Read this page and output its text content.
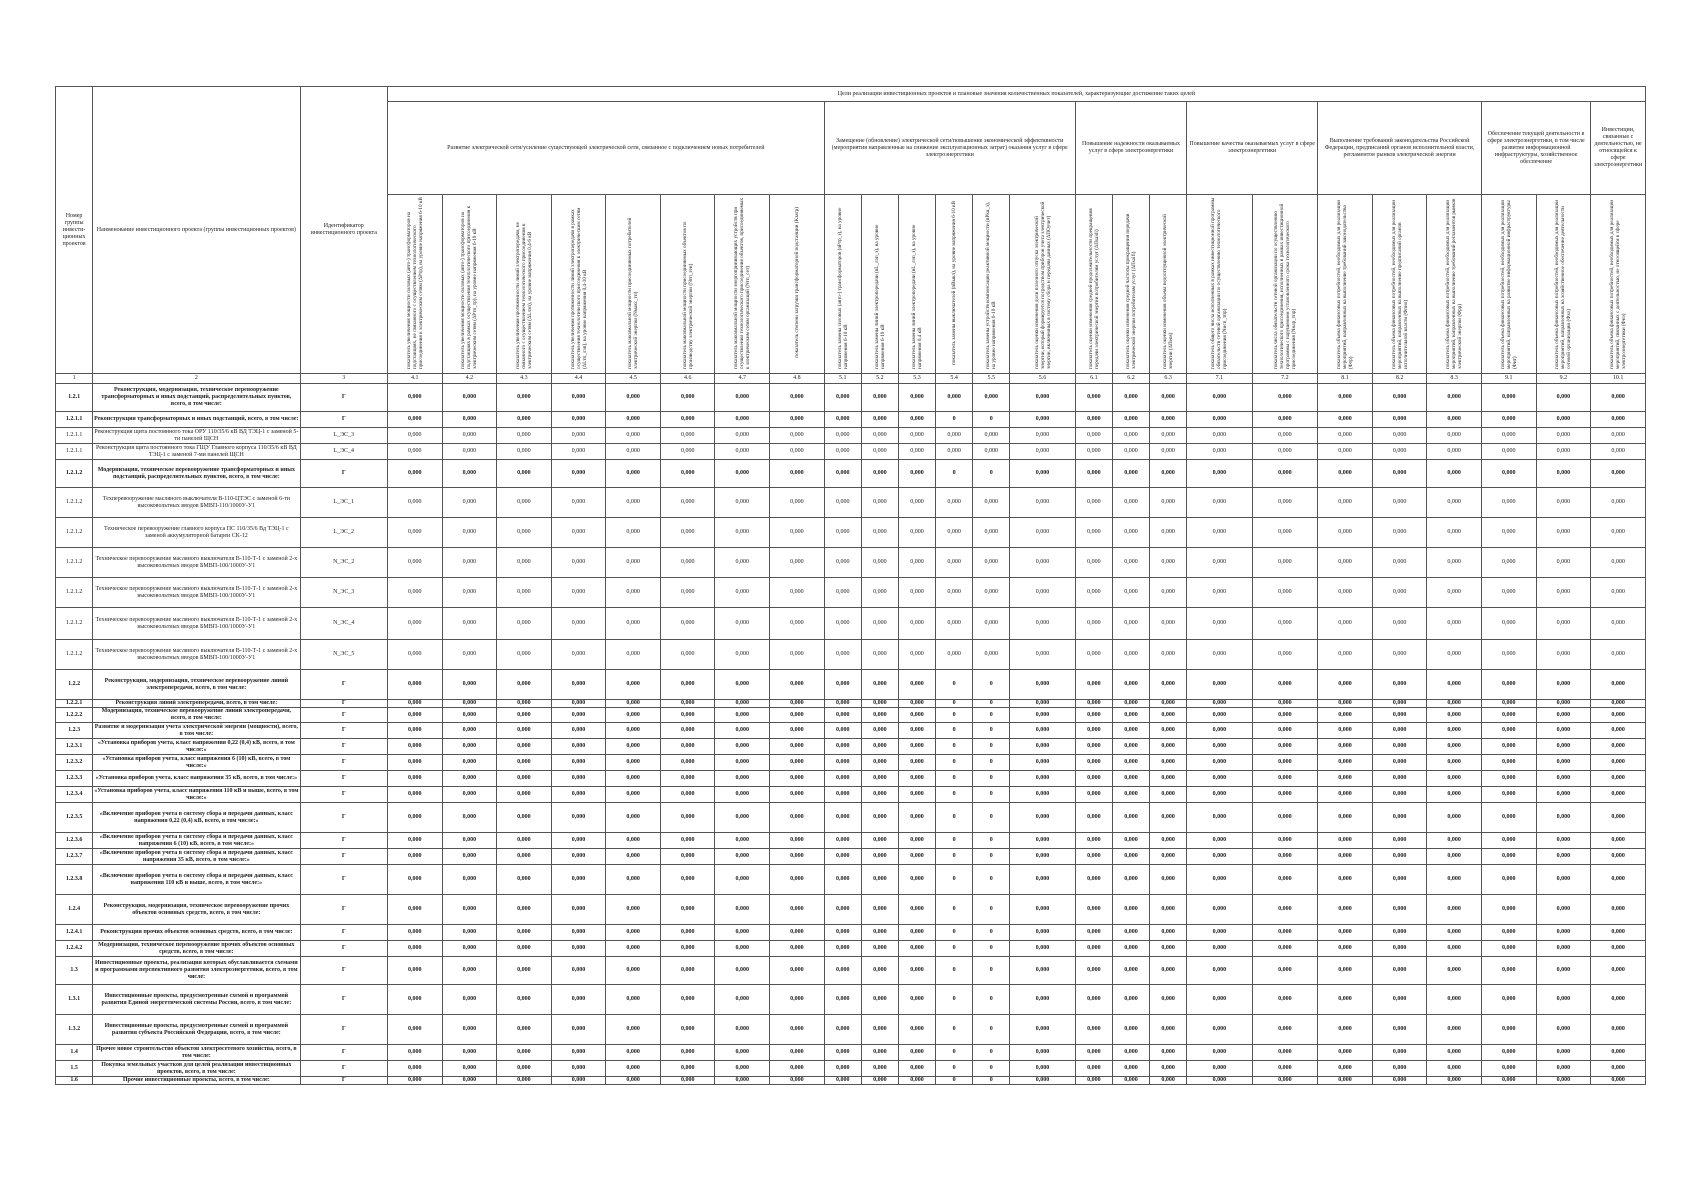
Номер группы инвести-ционных проектов	Наименование инвестиционного проекта (группы инвестиционных проектов)	Идентификатор инвестиционного проекта	Цели реализации инвестиционных проектов и плановые значения количественных показателей, характеризующие достижение таких целей																								
			Развитие электрической сети/усиление существующей электрической сети, связанное с подключением новых потребителей								Замещение (обновление) электрической сети/повышение экономической эффективности (мероприятия направленные на снижение эксплуатационных затрат) оказания услуг в сфере электроэнергетики						Повышение надежности оказываемых услуг в сфере электроэнергетики			Повышение качества оказываемых услуг в сфере электроэнергетики		Выполнение требований законодательства Российской Федерации, предписаний органов исполнительной власти, регламентов рынков электрической энергии			Обеспечение текущей деятельности в сфере электроэнергетики, в том числе развитие информационной инфраструктуры, хозяйственное обеспечение		Инвестиции, связанные с деятельностью, не относящейся к сфере электроэнергетики
			показатель увеличения мощности силовых (авто-) трансформаторов на подстанциях, не связанного с осуществлением технологического присоединения к электрическим сетям (ΔPтр), на уровне напряжения 6-10 кВ	показатель увеличения мощности силовых (авто-) трансформаторов на подстанциях в рамках осуществления технологического присоединения к электрическим сетям (ΔPтп_тр), на уровне напряжения 6-10 кВ	показатель увеличения протяженности линий электропередачи, не связанного с осуществлением технологического присоединения к электрическим сетям (ΔLлэп), на уровне напряжения 0,4-6 кВ	показатель увеличения протяженности линий электропередачи в рамках осуществления технологического присоединения к электрическим сетям (ΔLтп_лэп), на уровне напряжения 0,4-10 кВ	показатель максимальной мощности присоединяемых потребителей электрической энергии (Nмакс_тп)	показатель максимальной мощности присоединяемых объектов по производству электрической энергии (Nтп_ген)	показатель максимальной мощности энергопринимающих устройств при осуществлении технологического присоединения объектов, присоединяемых к электрическим сетям организаций (Nтп_сет)	показатель степени загрузки трансформаторной подстанции (Kзагр)	показатель замены силовых (авто-) трансформаторов (nPтр_з), на уровне напряжения 6-10 кВ	показатель замены линий электропередачи (nL_лэп_з), на уровне напряжения 6-10 кВ	показатель замены линий электропередачи (nL_лэп_з), на уровне напряжения 0,4 кВ	показатель замены выключателей (nВыкл), на уровне напряжения 6-10 кВ	показатель замены устройств компенсации реактивной мощности (nPku_з), на уровне напряжения 6-10 кВ	показатель оценки изменения доли полезного отпуска электрической энергии, который формируется посредством приборов учета электрической энергии, включенных в систему сбора и передачи данных (ΔПОучет)	показатель оценки изменения средней продолжительности прекращения передачи электрической энергии потребителям услуг (ΔПsaidi)	показатель оценки изменения средней частоты прекращения передачи электрической энергии потребителям услуг (ΔПsaifi)	показатель оценки изменения объема недоотпущенной электрической энергии (ΔПens)	показатель общего числа исполненных в рамках инвестиционной программы обязательств сетевой организации по осуществлению технологического присоединения (Nисп_тпр)	показатель числа обязательств сетевой организации по осуществлению технологического присоединения, исполненных в рамках инвестиционной программы с нарушением установленного срока технологического присоединения (Nнар_тпр)	показатель объема финансовых потребностей, необходимых для реализации мероприятий, направленных на выполнение требований законодательства (Фтр)	показатель объема финансовых потребностей, необходимых для реализации мероприятий, направленных на выполнение предписаний органов исполнительной власти (Фпио)	показатель объема финансовых потребностей, необходимых для реализации мероприятий, направленных на выполнение требований регламентов рынков электрической энергии (Фрр)	показатель объема финансовых потребностей, необходимых для реализации мероприятий, направленных на развитие информационной инфраструктуры (Фит)	показатель объема финансовых потребностей, необходимых для реализации мероприятий, направленных на хозяйственное обеспечение деятельности сетевой организации (Фхо)	показатель объема финансовых потребностей, необходимых для реализации мероприятий, связанных с деятельностью, не относящейся к сфере электроэнергетики (Фнэ)
1	2	3	4.1	4.2	4.3	4.4	4.5	4.6	4.7	4.8	5.1	5.2	5.3	5.4	5.5	5.6	6.1	6.2	6.3	7.1	7.2	8.1	8.2	8.3	9.1	9.2	10.1
1.2.1	Реконструкция, модернизация, техническое перевооружение трансформаторных и иных подстанций, распределительных пунктов, всего, в том числе:	Г	0,000	0,000	0,000	0,000	0,000	0,000	0,000	0,000	0,000	0,000	0,000	0,000	0,000	0,000	0,000	0,000	0,000	0,000	0,000	0,000	0,000	0,000	0,000	0,000	0,000
1.2.1.1	Реконструкция трансформаторных и иных подстанций, всего, в том числе:	Г	0,000	0,000	0,000	0,000	0,000	0,000	0,000	0,000	0,000	0,000	0,000	0	0	0,000	0,000	0,000	0,000	0,000	0,000	0,000	0,000	0,000	0,000	0,000	0,000
1.2.1.1	Реконструкция щита постоянного тока ОРУ 110/35/6 кВ ВД ТЭЦ-1 с заменой 5-ти панелей ЩСН	L_ЭС_3	0,000	0,000	0,000	0,000	0,000	0,000	0,000	0,000	0,000	0,000	0,000	0,000	0,000	0,000	0,000	0,000	0,000	0,000	0,000	0,000	0,000	0,000	0,000	0,000	0,000
1.2.1.1	Реконструкция щита постоянного тока ГЩУ Главного корпуса 110/35/6 кВ ВД ТЭЦ-1 с заменой 7-ми панелей ЩСН	L_ЭС_4	0,000	0,000	0,000	0,000	0,000	0,000	0,000	0,000	0,000	0,000	0,000	0,000	0,000	0,000	0,000	0,000	0,000	0,000	0,000	0,000	0,000	0,000	0,000	0,000	0,000
1.2.1.2	Модернизация, техническое перевооружение трансформаторных и иных подстанций, распределительных пунктов, всего, в том числе:	Г	0,000	0,000	0,000	0,000	0,000	0,000	0,000	0,000	0,000	0,000	0,000	0	0	0,000	0,000	0,000	0,000	0,000	0,000	0,000	0,000	0,000	0,000	0,000	0,000
1.2.1.2	Техперевооружение масляного выключателя В-110-ЦТЭС с заменой 6-ти высоковольтных вводов БМВП-110/1000У-У1	L_ЭС_1	0,000	0,000	0,000	0,000	0,000	0,000	0,000	0,000	0,000	0,000	0,000	0,000	0,000	0,000	0,000	0,000	0,000	0,000	0,000	0,000	0,000	0,000	0,000	0,000	0,000
1.2.1.2	Техническое перевооружение главного корпуса ПС 110/35/6 Вд ТЭЦ-1 с заменой аккумуляторной батареи СК-12	L_ЭС_2	0,000	0,000	0,000	0,000	0,000	0,000	0,000	0,000	0,000	0,000	0,000	0,000	0,000	0,000	0,000	0,000	0,000	0,000	0,000	0,000	0,000	0,000	0,000	0,000	0,000
1.2.1.2	Техническое перевооружение масляного выключателя В-110-Т-1 с заменой 2-х высоковольтных вводов БМВП-100/1000У-У1	N_ЭС_2	0,000	0,000	0,000	0,000	0,000	0,000	0,000	0,000	0,000	0,000	0,000	0,000	0,000	0,000	0,000	0,000	0,000	0,000	0,000	0,000	0,000	0,000	0,000	0,000	0,000
1.2.1.2	Техническое перевооружение масляного выключателя В-110-Т-1 с заменой 2-х высоковольтных вводов БМВП-100/1000У-У1	N_ЭС_3	0,000	0,000	0,000	0,000	0,000	0,000	0,000	0,000	0,000	0,000	0,000	0,000	0,000	0,000	0,000	0,000	0,000	0,000	0,000	0,000	0,000	0,000	0,000	0,000	0,000
1.2.1.2	Техническое перевооружение масляного выключателя В-110-Т-1 с заменой 2-х высоковольтных вводов БМВП-100/1000У-У1	N_ЭС_4	0,000	0,000	0,000	0,000	0,000	0,000	0,000	0,000	0,000	0,000	0,000	0,000	0,000	0,000	0,000	0,000	0,000	0,000	0,000	0,000	0,000	0,000	0,000	0,000	0,000
1.2.1.2	Техническое перевооружение масляного выключателя В-110-Т-1 с заменой 2-х высоковольтных вводов БМВП-100/1000У-У1	N_ЭС_5	0,000	0,000	0,000	0,000	0,000	0,000	0,000	0,000	0,000	0,000	0,000	0,000	0,000	0,000	0,000	0,000	0,000	0,000	0,000	0,000	0,000	0,000	0,000	0,000	0,000
1.2.2	Реконструкция, модернизация, техническое перевооружение линий электропередачи, всего, в том числе:	Г	0,000	0,000	0,000	0,000	0,000	0,000	0,000	0,000	0,000	0,000	0,000	0	0	0,000	0,000	0,000	0,000	0,000	0,000	0,000	0,000	0,000	0,000	0,000	0,000
1.2.2.1	Реконструкция линий электропередачи, всего, в том числе:	Г	0,000	0,000	0,000	0,000	0,000	0,000	0,000	0,000	0,000	0,000	0,000	0	0	0,000	0,000	0,000	0,000	0,000	0,000	0,000	0,000	0,000	0,000	0,000	0,000
1.2.2.2	Модернизация, техническое перевооружение линий электропередачи, всего, в том числе:	Г	0,000	0,000	0,000	0,000	0,000	0,000	0,000	0,000	0,000	0,000	0,000	0	0	0,000	0,000	0,000	0,000	0,000	0,000	0,000	0,000	0,000	0,000	0,000	0,000
1.2.3	Развитие и модернизация учета электрической энергии (мощности), всего, в том числе:	Г	0,000	0,000	0,000	0,000	0,000	0,000	0,000	0,000	0,000	0,000	0,000	0	0	0,000	0,000	0,000	0,000	0,000	0,000	0,000	0,000	0,000	0,000	0,000	0,000
1.2.3.1	«Установка приборов учета, класс напряжения 0,22 (0,4) кВ, всего, в том числе:»	Г	0,000	0,000	0,000	0,000	0,000	0,000	0,000	0,000	0,000	0,000	0,000	0	0	0,000	0,000	0,000	0,000	0,000	0,000	0,000	0,000	0,000	0,000	0,000	0,000
1.2.3.2	«Установка приборов учета, класс напряжения 6 (10) кВ, всего, в том числе:»	Г	0,000	0,000	0,000	0,000	0,000	0,000	0,000	0,000	0,000	0,000	0,000	0	0	0,000	0,000	0,000	0,000	0,000	0,000	0,000	0,000	0,000	0,000	0,000	0,000
1.2.3.3	«Установка приборов учета, класс напряжения 35 кВ, всего, в том числе:»	Г	0,000	0,000	0,000	0,000	0,000	0,000	0,000	0,000	0,000	0,000	0,000	0	0	0,000	0,000	0,000	0,000	0,000	0,000	0,000	0,000	0,000	0,000	0,000	0,000
1.2.3.4	«Установка приборов учета, класс напряжения 110 кВ и выше, всего, в том числе:»	Г	0,000	0,000	0,000	0,000	0,000	0,000	0,000	0,000	0,000	0,000	0,000	0	0	0,000	0,000	0,000	0,000	0,000	0,000	0,000	0,000	0,000	0,000	0,000	0,000
1.2.3.5	«Включение приборов учета в систему сбора и передачи данных, класс напряжения 0,22 (0,4) кВ, всего, в том числе:»	Г	0,000	0,000	0,000	0,000	0,000	0,000	0,000	0,000	0,000	0,000	0,000	0	0	0,000	0,000	0,000	0,000	0,000	0,000	0,000	0,000	0,000	0,000	0,000	0,000
1.2.3.6	«Включение приборов учета в систему сбора и передачи данных, класс напряжения 6 (10) кВ, всего, в том числе:»	Г	0,000	0,000	0,000	0,000	0,000	0,000	0,000	0,000	0,000	0,000	0,000	0	0	0,000	0,000	0,000	0,000	0,000	0,000	0,000	0,000	0,000	0,000	0,000	0,000
1.2.3.7	«Включение приборов учета в систему сбора и передачи данных, класс напряжения 35 кВ, всего, в том числе:»	Г	0,000	0,000	0,000	0,000	0,000	0,000	0,000	0,000	0,000	0,000	0,000	0	0	0,000	0,000	0,000	0,000	0,000	0,000	0,000	0,000	0,000	0,000	0,000	0,000
1.2.3.8	«Включение приборов учета в систему сбора и передачи данных, класс напряжения 110 кВ и выше, всего, в том числе:»	Г	0,000	0,000	0,000	0,000	0,000	0,000	0,000	0,000	0,000	0,000	0,000	0	0	0,000	0,000	0,000	0,000	0,000	0,000	0,000	0,000	0,000	0,000	0,000	0,000
1.2.4	Реконструкция, модернизация, техническое перевооружение прочих объектов основных средств, всего, в том числе:	Г	0,000	0,000	0,000	0,000	0,000	0,000	0,000	0,000	0,000	0,000	0,000	0	0	0,000	0,000	0,000	0,000	0,000	0,000	0,000	0,000	0,000	0,000	0,000	0,000
1.2.4.1	Реконструкция прочих объектов основных средств, всего, в том числе:	Г	0,000	0,000	0,000	0,000	0,000	0,000	0,000	0,000	0,000	0,000	0,000	0	0	0,000	0,000	0,000	0,000	0,000	0,000	0,000	0,000	0,000	0,000	0,000	0,000
1.2.4.2	Модернизация, техническое перевооружение прочих объектов основных средств, всего, в том числе:	Г	0,000	0,000	0,000	0,000	0,000	0,000	0,000	0,000	0,000	0,000	0,000	0	0	0,000	0,000	0,000	0,000	0,000	0,000	0,000	0,000	0,000	0,000	0,000	0,000
1.3	Инвестиционные проекты, реализация которых обуславливается схемами и программами перспективного развития электроэнергетики, всего, в том числе:	Г	0,000	0,000	0,000	0,000	0,000	0,000	0,000	0,000	0,000	0,000	0,000	0	0	0,000	0,000	0,000	0,000	0,000	0,000	0,000	0,000	0,000	0,000	0,000	0,000
1.3.1	Инвестиционные проекты, предусмотренные схемой и программой развития Единой энергетической системы России, всего, в том числе:	Г	0,000	0,000	0,000	0,000	0,000	0,000	0,000	0,000	0,000	0,000	0,000	0	0	0,000	0,000	0,000	0,000	0,000	0,000	0,000	0,000	0,000	0,000	0,000	0,000
1.3.2	Инвестиционные проекты, предусмотренные схемой и программой развития субъекта Российской Федерации, всего, в том числе:	Г	0,000	0,000	0,000	0,000	0,000	0,000	0,000	0,000	0,000	0,000	0,000	0	0	0,000	0,000	0,000	0,000	0,000	0,000	0,000	0,000	0,000	0,000	0,000	0,000
1.4	Прочее новое строительство объектов электросетевого хозяйства, всего, в том числе:	Г	0,000	0,000	0,000	0,000	0,000	0,000	0,000	0,000	0,000	0,000	0,000	0	0	0,000	0,000	0,000	0,000	0,000	0,000	0,000	0,000	0,000	0,000	0,000	0,000
1.5	Покупка земельных участков для целей реализации инвестиционных проектов, всего, в том числе:	Г	0,000	0,000	0,000	0,000	0,000	0,000	0,000	0,000	0,000	0,000	0,000	0	0	0,000	0,000	0,000	0,000	0,000	0,000	0,000	0,000	0,000	0,000	0,000	0,000
1.6	Прочие инвестиционные проекты, всего, в том числе:	Г	0,000	0,000	0,000	0,000	0,000	0,000	0,000	0,000	0,000	0,000	0,000	0	0	0,000	0,000	0,000	0,000	0,000	0,000	0,000	0,000	0,000	0,000	0,000	0,000
